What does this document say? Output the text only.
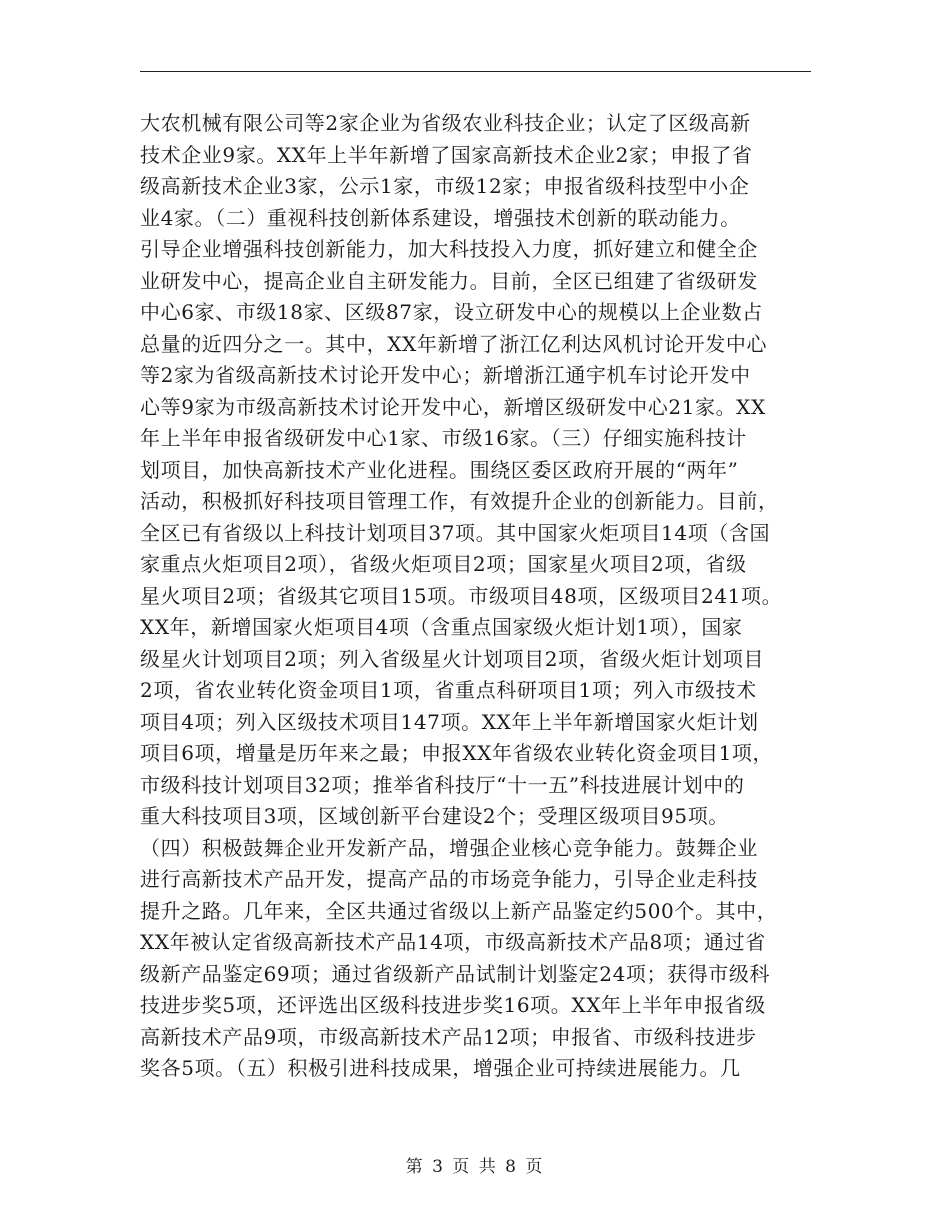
大农机械有限公司等2家企业为省级农业科技企业；认定了区级高新
技术企业9家。XX年上半年新增了国家高新技术企业2家；申报了省
级高新技术企业3家，公示1家，市级12家；申报省级科技型中小企
业4家。（二）重视科技创新体系建设，增强技术创新的联动能力。
引导企业增强科技创新能力，加大科技投入力度，抓好建立和健全企
业研发中心，提高企业自主研发能力。目前，全区已组建了省级研发
中心6家、市级18家、区级87家，设立研发中心的规模以上企业数占
总量的近四分之一。其中，XX年新增了浙江亿利达风机讨论开发中心
等2家为省级高新技术讨论开发中心；新增浙江通宇机车讨论开发中
心等9家为市级高新技术讨论开发中心，新增区级研发中心21家。XX
年上半年申报省级研发中心1家、市级16家。（三）仔细实施科技计
划项目，加快高新技术产业化进程。围绕区委区政府开展的“两年”
活动，积极抓好科技项目管理工作，有效提升企业的创新能力。目前，
全区已有省级以上科技计划项目37项。其中国家火炬项目14项（含国
家重点火炬项目2项），省级火炬项目2项；国家星火项目2项，省级
星火项目2项；省级其它项目15项。市级项目48项，区级项目241项。
XX年，新增国家火炬项目4项（含重点国家级火炬计划1项），国家
级星火计划项目2项；列入省级星火计划项目2项，省级火炬计划项目
2项，省农业转化资金项目1项，省重点科研项目1项；列入市级技术
项目4项；列入区级技术项目147项。XX年上半年新增国家火炬计划
项目6项，增量是历年来之最；申报XX年省级农业转化资金项目1项，
市级科技计划项目32项；推举省科技厅“十一五”科技进展计划中的
重大科技项目3项，区域创新平台建设2个；受理区级项目95项。
（四）积极鼓舞企业开发新产品，增强企业核心竞争能力。鼓舞企业
进行高新技术产品开发，提高产品的市场竞争能力，引导企业走科技
提升之路。几年来，全区共通过省级以上新产品鉴定约500个。其中，
XX年被认定省级高新技术产品14项，市级高新技术产品8项；通过省
级新产品鉴定69项；通过省级新产品试制计划鉴定24项；获得市级科
技进步奖5项，还评选出区级科技进步奖16项。XX年上半年申报省级
高新技术产品9项，市级高新技术产品12项；申报省、市级科技进步
奖各5项。（五）积极引进科技成果，增强企业可持续进展能力。几
第 3 页 共 8 页
